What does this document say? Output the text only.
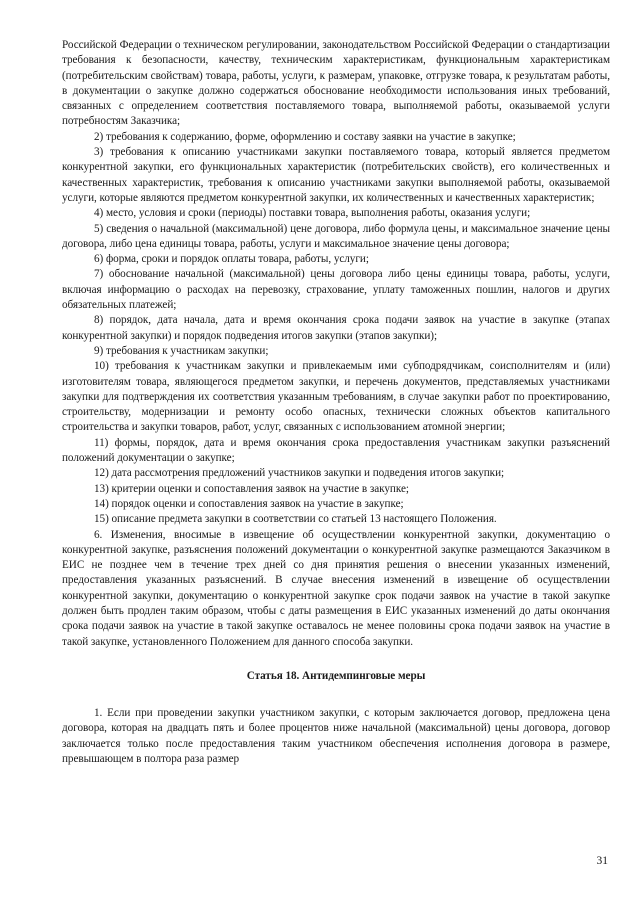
Российской Федерации о техническом регулировании, законодательством Российской Федерации о стандартизации требования к безопасности, качеству, техническим характеристикам, функциональным характеристикам (потребительским свойствам) товара, работы, услуги, к размерам, упаковке, отгрузке товара, к результатам работы, в документации о закупке должно содержаться обоснование необходимости использования иных требований, связанных с определением соответствия поставляемого товара, выполняемой работы, оказываемой услуги потребностям Заказчика;

2) требования к содержанию, форме, оформлению и составу заявки на участие в закупке;

3) требования к описанию участниками закупки поставляемого товара, который является предметом конкурентной закупки, его функциональных характеристик (потребительских свойств), его количественных и качественных характеристик, требования к описанию участниками закупки выполняемой работы, оказываемой услуги, которые являются предметом конкурентной закупки, их количественных и качественных характеристик;

4) место, условия и сроки (периоды) поставки товара, выполнения работы, оказания услуги;

5) сведения о начальной (максимальной) цене договора, либо формула цены, и максимальное значение цены договора, либо цена единицы товара, работы, услуги и максимальное значение цены договора;

6) форма, сроки и порядок оплаты товара, работы, услуги;

7) обоснование начальной (максимальной) цены договора либо цены единицы товара, работы, услуги, включая информацию о расходах на перевозку, страхование, уплату таможенных пошлин, налогов и других обязательных платежей;

8) порядок, дата начала, дата и время окончания срока подачи заявок на участие в закупке (этапах конкурентной закупки) и порядок подведения итогов закупки (этапов закупки);

9) требования к участникам закупки;

10) требования к участникам закупки и привлекаемым ими субподрядчикам, соисполнителям и (или) изготовителям товара, являющегося предметом закупки, и перечень документов, представляемых участниками закупки для подтверждения их соответствия указанным требованиям, в случае закупки работ по проектированию, строительству, модернизации и ремонту особо опасных, технически сложных объектов капитального строительства и закупки товаров, работ, услуг, связанных с использованием атомной энергии;

11) формы, порядок, дата и время окончания срока предоставления участникам закупки разъяснений положений документации о закупке;

12) дата рассмотрения предложений участников закупки и подведения итогов закупки;

13) критерии оценки и сопоставления заявок на участие в закупке;

14) порядок оценки и сопоставления заявок на участие в закупке;

15) описание предмета закупки в соответствии со статьей 13 настоящего Положения.

6. Изменения, вносимые в извещение об осуществлении конкурентной закупки, документацию о конкурентной закупке, разъяснения положений документации о конкурентной закупке размещаются Заказчиком в ЕИС не позднее чем в течение трех дней со дня принятия решения о внесении указанных изменений, предоставления указанных разъяснений. В случае внесения изменений в извещение об осуществлении конкурентной закупки, документацию о конкурентной закупке срок подачи заявок на участие в такой закупке должен быть продлен таким образом, чтобы с даты размещения в ЕИС указанных изменений до даты окончания срока подачи заявок на участие в такой закупке оставалось не менее половины срока подачи заявок на участие в такой закупке, установленного Положением для данного способа закупки.

Статья 18. Антидемпинговые меры

1. Если при проведении закупки участником закупки, с которым заключается договор, предложена цена договора, которая на двадцать пять и более процентов ниже начальной (максимальной) цены договора, договор заключается только после предоставления таким участником обеспечения исполнения договора в размере, превышающем в полтора раза размер

31
